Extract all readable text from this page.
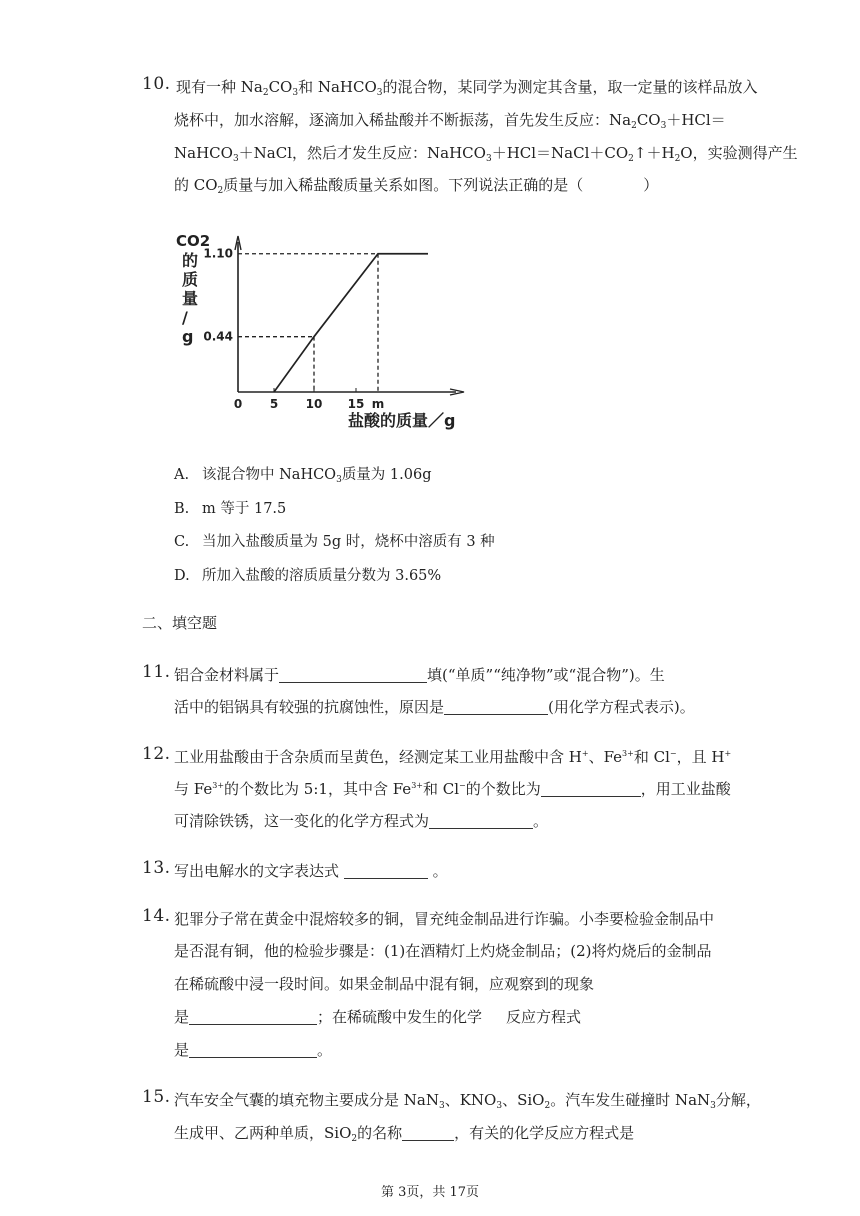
10. 现有一种 $Na_2CO_3$和 NaHCO$_3$的混合物，某同学为测定其含量，取一定量的该样品放入
烧杯中，加水溶解，逐滴加入稀盐酸并不断振荡，首先发生反应：$Na_2CO_3+HCl=$
NaHCO$_3$＋NaCl，然后才发生反应：$NaHCO_3+HCl=NaCl+CO_2↑+H_2O$，实验测得产生
的 $CO_2$质量与加入稀盐酸质量关系如图。下列说法正确的是（　　　　）
CO2
的
质
量
/
g
盐酸的质量／g
0 5 10 15 m
0.44
1.10
A. 该混合物中 NaHCO$_3$质量为 1.06g
B. m 等于 17.5
C. 当加入盐酸质量为 5g 时，烧杯中溶质有 3 种
D. 所加入盐酸的溶质质量分数为 3.65%
二、填空题
11. 铝合金材料属于	填(“单质”“纯净物”或“混合物”)。生
活中的铝锅具有较强的抗腐蚀性，原因是	(用化学方程式表示)。
12. 工业用盐酸由于含杂质而呈黄色，经测定某工业用盐酸中含 H+、$Fe^{3+}$和 Cl−，且 H+
与 $Fe^{3+}$的个数比为 5:1，其中含 $Fe^{3+}$和 Cl−的个数比为	，用工业盐酸
可清除铁锈，这一变化的化学方程式为	。
13. 写出电解水的文字表达式	。
14. 犯罪分子常在黄金中混熔较多的铜，冒充纯金制品进行诈骗。小李要检验金制品中
是否混有铜，他的检验步骤是：(1)在酒精灯上灼烧金制品；(2)将灼烧后的金制品
在稀硫酸中浸一段时间。如果金制品中混有铜，应观察到的现象
是	；在稀硫酸中发生的化学 反应方程式
是	。
15. 汽车安全气囊的填充物主要成分是 NaN$_3$、$KNO_3$、SiO$_2$。汽车发生碰撞时 NaN$_3$分解，
生成甲、乙两种单质，SiO$_2$的名称	，有关的化学反应方程式是
第 3页，共 17页
